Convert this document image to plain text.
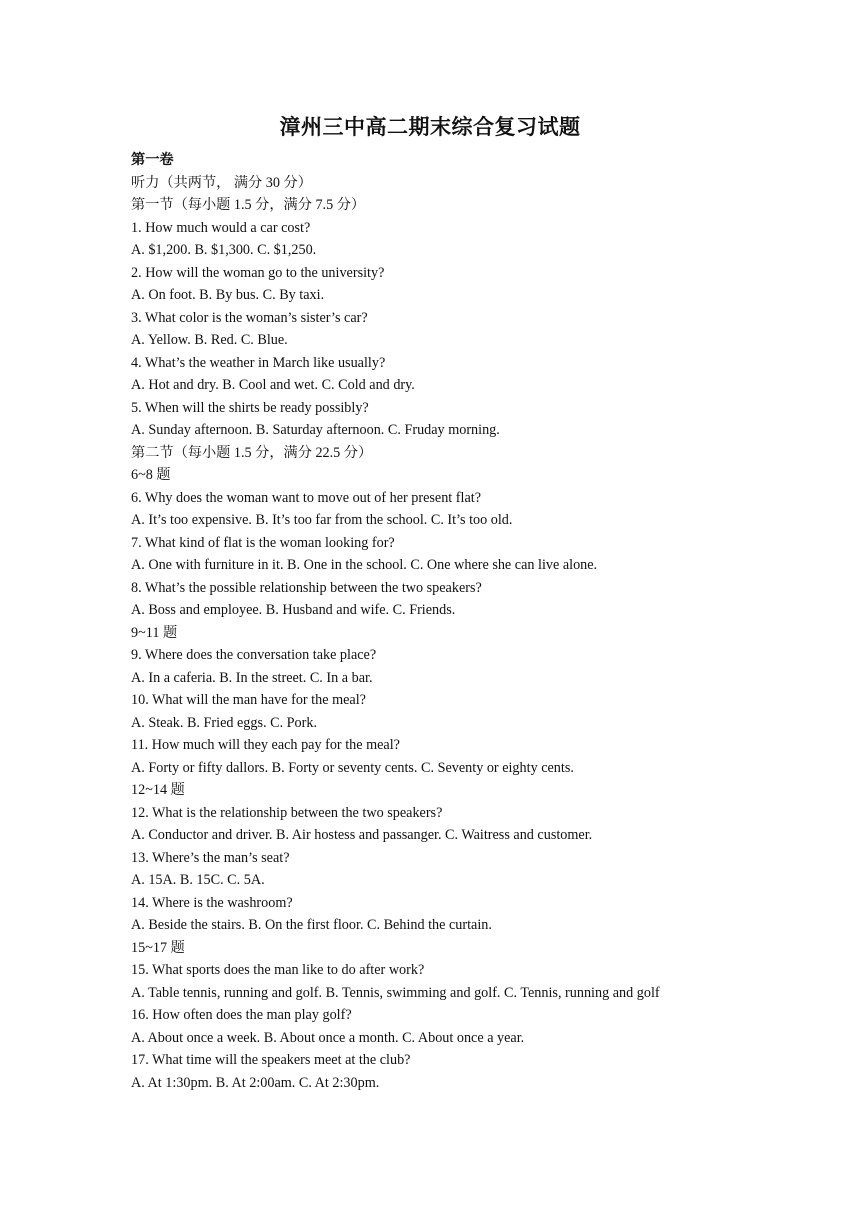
漳州三中高二期末综合复习试题
第一卷
听力（共两节， 满分 30 分）
第一节（每小题 1.5 分，满分 7.5 分）
1. How much would a car cost?
A. $1,200. B. $1,300. C. $1,250.
2. How will the woman go to the university?
A. On foot. B. By bus. C. By taxi.
3. What color is the woman’s sister’s car?
A. Yellow. B. Red. C. Blue.
4. What’s the weather in March like usually?
A. Hot and dry. B. Cool and wet. C. Cold and dry.
5. When will the shirts be ready possibly?
A. Sunday afternoon. B. Saturday afternoon. C. Fruday morning.
第二节（每小题 1.5 分，满分 22.5 分）
6~8 题
6. Why does the woman want to move out of her present flat?
A. It’s too expensive. B. It’s too far from the school. C. It’s too old.
7. What kind of flat is the woman looking for?
A. One with furniture in it. B. One in the school. C. One where she can live alone.
8. What’s the possible relationship between the two speakers?
A. Boss and employee. B. Husband and wife. C. Friends.
9~11 题
9. Where does the conversation take place?
A. In a caferia. B. In the street. C. In a bar.
10. What will the man have for the meal?
A. Steak. B. Fried eggs. C. Pork.
11. How much will they each pay for the meal?
A. Forty or fifty dallors. B. Forty or seventy cents. C. Seventy or eighty cents.
12~14 题
12. What is the relationship between the two speakers?
A. Conductor and driver. B. Air hostess and passanger. C. Waitress and customer.
13. Where’s the man’s seat?
A. 15A. B. 15C. C. 5A.
14. Where is the washroom?
A. Beside the stairs. B. On the first floor. C. Behind the curtain.
15~17 题
15. What sports does the man like to do after work?
A. Table tennis, running and golf. B. Tennis, swimming and golf. C. Tennis, running and golf
16. How often does the man play golf?
A. About once a week. B. About once a month. C. About once a year.
17. What time will the speakers meet at the club?
A. At 1:30pm. B. At 2:00am. C. At 2:30pm.
